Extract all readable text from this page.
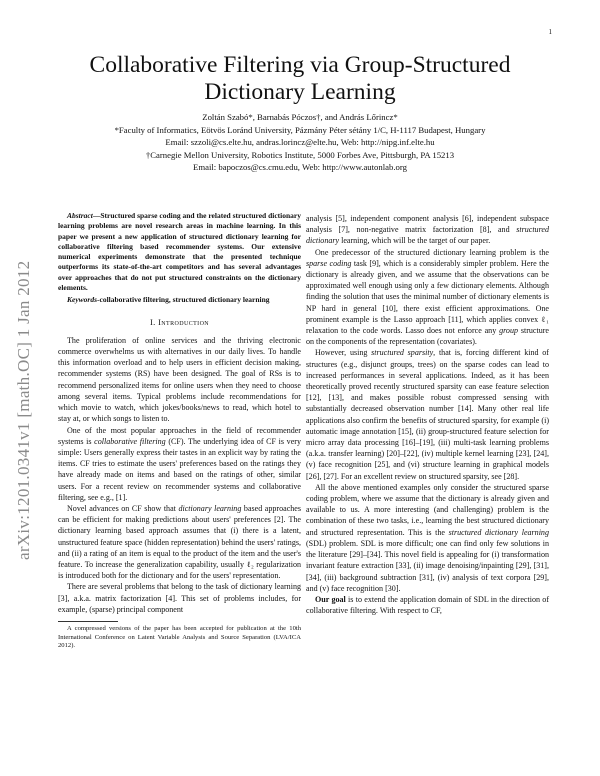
1
arXiv:1201.0341v1 [math.OC] 1 Jan 2012
Collaborative Filtering via Group-Structured
Dictionary Learning
Zoltán Szabó*, Barnabás Póczos†, and András Lőrincz*
*Faculty of Informatics, Eötvös Loránd University, Pázmány Péter sétány 1/C, H-1117 Budapest, Hungary
Email: szzoli@cs.elte.hu, andras.lorincz@elte.hu, Web: http://nipg.inf.elte.hu
†Carnegie Mellon University, Robotics Institute, 5000 Forbes Ave, Pittsburgh, PA 15213
Email: bapoczos@cs.cmu.edu, Web: http://www.autonlab.org

Abstract—Structured sparse coding and the related structured dictionary learning problems are novel research areas in machine learning. In this paper we present a new application of structured dictionary learning for collaborative filtering based recommender systems. Our extensive numerical experiments demonstrate that the presented technique outperforms its state-of-the-art competitors and has several advantages over approaches that do not put structured constraints on the dictionary elements.

Keywords-collaborative filtering, structured dictionary learning

I. Introduction

The proliferation of online services and the thriving electronic commerce overwhelms us with alternatives in our daily lives. To handle this information overload and to help users in efficient decision making, recommender systems (RS) have been designed. The goal of RSs is to recommend personalized items for online users when they need to choose among several items. Typical problems include recommendations for which movie to watch, which jokes/books/news to read, which hotel to stay at, or which songs to listen to.

One of the most popular approaches in the field of recommender systems is collaborative filtering (CF). The underlying idea of CF is very simple: Users generally express their tastes in an explicit way by rating the items. CF tries to estimate the users' preferences based on the ratings they have already made on items and based on the ratings of other, similar users. For a recent review on recommender systems and collaborative filtering, see e.g., [1].

Novel advances on CF show that dictionary learning based approaches can be efficient for making predictions about users' preferences [2]. The dictionary learning based approach assumes that (i) there is a latent, unstructured feature space (hidden representation) behind the users' ratings, and (ii) a rating of an item is equal to the product of the item and the user's feature. To increase the generalization capability, usually ℓ₂ regularization is introduced both for the dictionary and for the users' representation.

There are several problems that belong to the task of dictionary learning [3], a.k.a. matrix factorization [4]. This set of problems includes, for example, (sparse) principal component

A compressed versions of the paper has been accepted for publication at the 10th International Conference on Latent Variable Analysis and Source Separation (LVA/ICA 2012).

analysis [5], independent component analysis [6], independent subspace analysis [7], non-negative matrix factorization [8], and structured dictionary learning, which will be the target of our paper.

One predecessor of the structured dictionary learning problem is the sparse coding task [9], which is a considerably simpler problem. Here the dictionary is already given, and we assume that the observations can be approximated well enough using only a few dictionary elements. Although finding the solution that uses the minimal number of dictionary elements is NP hard in general [10], there exist efficient approximations. One prominent example is the Lasso approach [11], which applies convex ℓ₁ relaxation to the code words. Lasso does not enforce any group structure on the components of the representation (covariates).

However, using structured sparsity, that is, forcing different kind of structures (e.g., disjunct groups, trees) on the sparse codes can lead to increased performances in several applications. Indeed, as it has been theoretically proved recently structured sparsity can ease feature selection [12], [13], and makes possible robust compressed sensing with substantially decreased observation number [14]. Many other real life applications also confirm the benefits of structured sparsity, for example (i) automatic image annotation [15], (ii) group-structured feature selection for micro array data processing [16]–[19], (iii) multi-task learning problems (a.k.a. transfer learning) [20]–[22], (iv) multiple kernel learning [23], [24], (v) face recognition [25], and (vi) structure learning in graphical models [26], [27]. For an excellent review on structured sparsity, see [28].

All the above mentioned examples only consider the structured sparse coding problem, where we assume that the dictionary is already given and available to us. A more interesting (and challenging) problem is the combination of these two tasks, i.e., learning the best structured dictionary and structured representation. This is the structured dictionary learning (SDL) problem. SDL is more difficult; one can find only few solutions in the literature [29]–[34]. This novel field is appealing for (i) transformation invariant feature extraction [33], (ii) image denoising/inpainting [29], [31], [34], (iii) background subtraction [31], (iv) analysis of text corpora [29], and (v) face recognition [30].

Our goal is to extend the application domain of SDL in the direction of collaborative filtering. With respect to CF,
